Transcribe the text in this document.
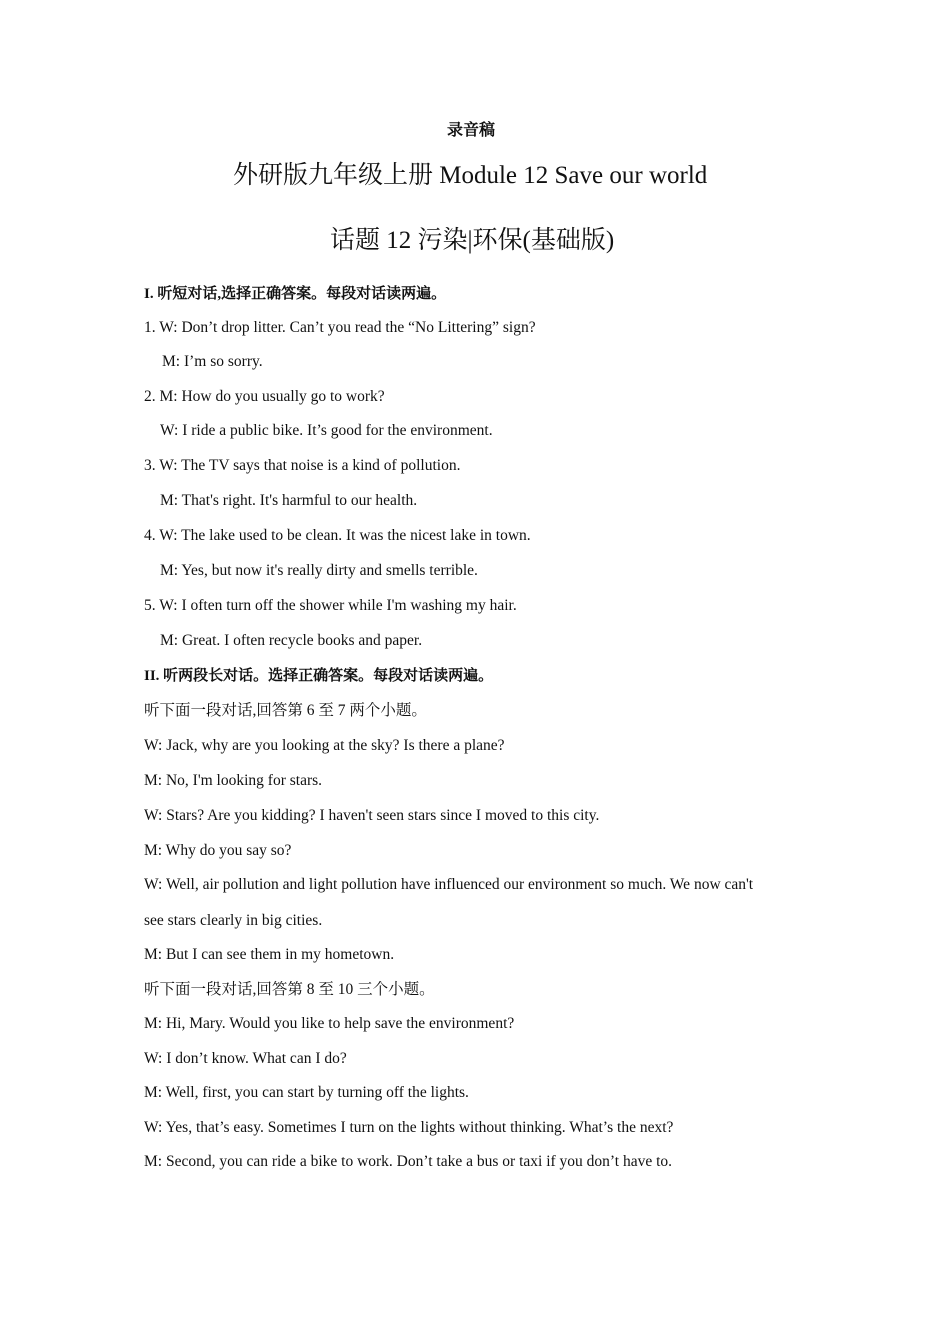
录音稿
外研版九年级上册 Module 12 Save our world
话题 12 污染|环保(基础版)
I. 听短对话,选择正确答案。每段对话读两遍。
1. W: Don’t drop litter. Can’t you read the “No Littering” sign?
M: I’m so sorry.
2. M: How do you usually go to work?
W: I ride a public bike. It’s good for the environment.
3. W: The TV says that noise is a kind of pollution.
M: That's right. It's harmful to our health.
4. W: The lake used to be clean. It was the nicest lake in town.
M: Yes, but now it's really dirty and smells terrible.
5. W: I often turn off the shower while I'm washing my hair.
M: Great. I often recycle books and paper.
II. 听两段长对话。选择正确答案。每段对话读两遍。
听下面一段对话,回答第 6 至 7 两个小题。
W: Jack, why are you looking at the sky? Is there a plane?
M: No, I'm looking for stars.
W: Stars? Are you kidding? I haven't seen stars since I moved to this city.
M: Why do you say so?
W: Well, air pollution and light pollution have influenced our environment so much. We now can't
see stars clearly in big cities.
M: But I can see them in my hometown.
听下面一段对话,回答第 8 至 10 三个小题。
M: Hi, Mary. Would you like to help save the environment?
W: I don’t know. What can I do?
M: Well, first, you can start by turning off the lights.
W: Yes, that’s easy. Sometimes I turn on the lights without thinking. What’s the next?
M: Second, you can ride a bike to work. Don’t take a bus or taxi if you don’t have to.
